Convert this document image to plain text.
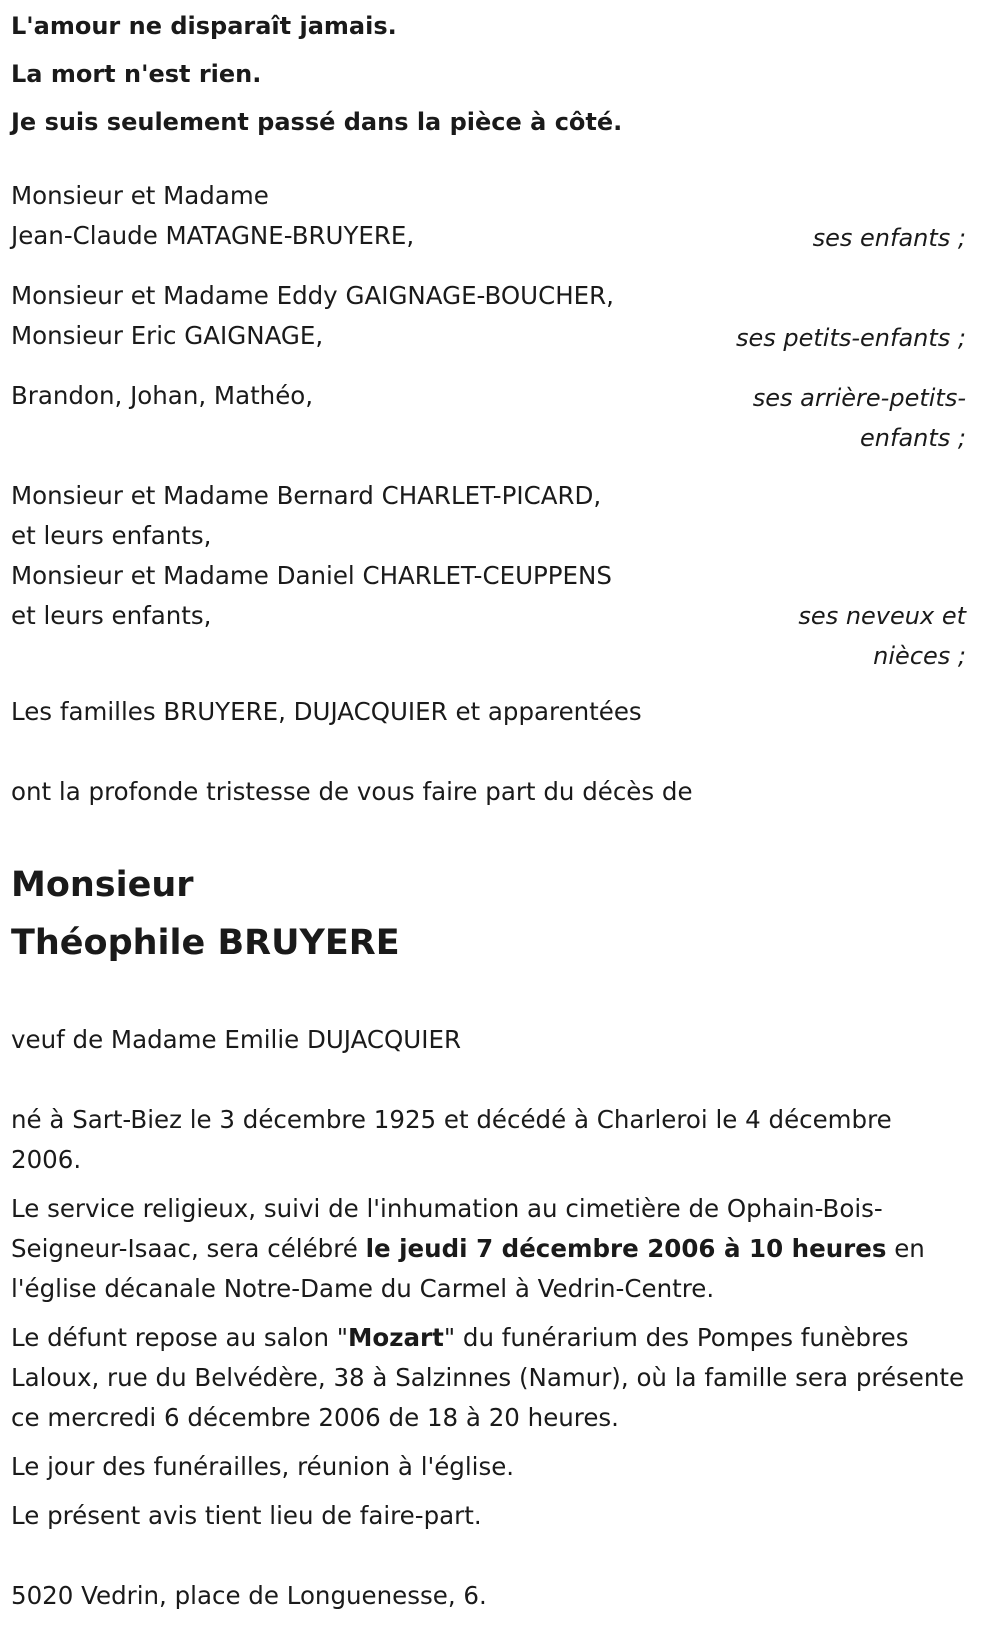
L'amour ne disparaît jamais.
La mort n'est rien.
Je suis seulement passé dans la pièce à côté.
Monsieur et Madame
Jean-Claude MATAGNE-BRUYERE,	ses enfants ;
Monsieur et Madame Eddy GAIGNAGE-BOUCHER,
Monsieur Eric GAIGNAGE,	ses petits-enfants ;
Brandon, Johan, Mathéo,	ses arrière-petits-
enfants ;
Monsieur et Madame Bernard CHARLET-PICARD,
et leurs enfants,
Monsieur et Madame Daniel CHARLET-CEUPPENS
et leurs enfants,	ses neveux et
nièces ;
Les familles BRUYERE, DUJACQUIER et apparentées

ont la profonde tristesse de vous faire part du décès de

Monsieur
Théophile BRUYERE

veuf de Madame Emilie DUJACQUIER

né à Sart-Biez le 3 décembre 1925 et décédé à Charleroi le 4 décembre 2006.

Le service religieux, suivi de l'inhumation au cimetière de Ophain-Bois-Seigneur-Isaac, sera célébré le jeudi 7 décembre 2006 à 10 heures en l'église décanale Notre-Dame du Carmel à Vedrin-Centre.

Le défunt repose au salon "Mozart" du funérarium des Pompes funèbres Laloux, rue du Belvédère, 38 à Salzinnes (Namur), où la famille sera présente ce mercredi 6 décembre 2006 de 18 à 20 heures.

Le jour des funérailles, réunion à l'église.

Le présent avis tient lieu de faire-part.

5020 Vedrin, place de Longuenesse, 6.
